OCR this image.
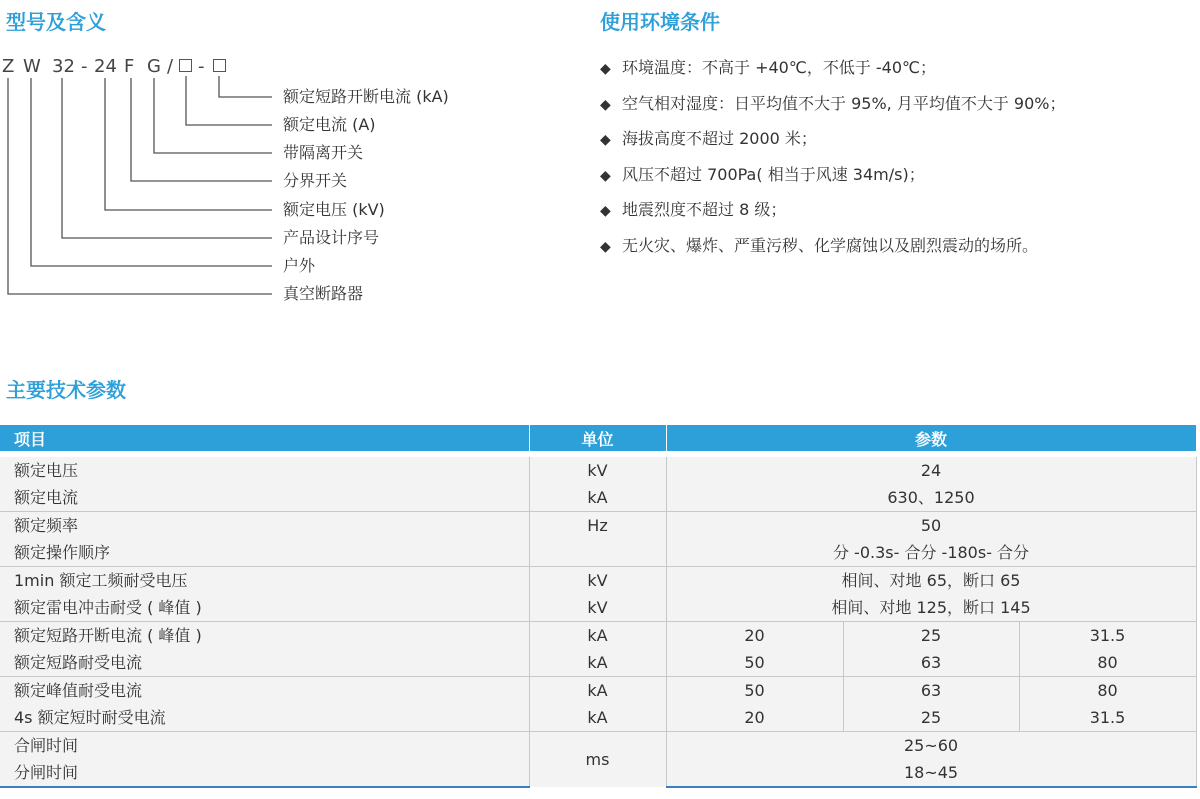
型号及含义
Z W 32 - 24 F G / -
额定短路开断电流 (kA)
额定电流 (A)
带隔离开关
分界开关
额定电压 (kV)
产品设计序号
户外
真空断路器
使用环境条件
◆ 环境温度：不高于 +40℃，不低于 -40℃；
◆ 空气相对湿度：日平均值不大于 95%, 月平均值不大于 90%；
◆ 海拔高度不超过 2000 米；
◆ 风压不超过 700Pa( 相当于风速 34m/s)；
◆ 地震烈度不超过 8 级；
◆ 无火灾、爆炸、严重污秽、化学腐蚀以及剧烈震动的场所。
主要技术参数
项目	单位	参数		

额定电压	kV	24		
额定电流	kA	630、1250		
额定频率	Hz	50		
额定操作顺序		分 -0.3s- 合分 -180s- 合分		
1min 额定工频耐受电压	kV	相间、对地 65，断口 65		
额定雷电冲击耐受 ( 峰值 )	kV	相间、对地 125，断口 145		
额定短路开断电流 ( 峰值 )	kA	20	25	31.5
额定短路耐受电流	kA	50	63	80
额定峰值耐受电流	kA	50	63	80
4s 额定短时耐受电流	kA	20	25	31.5
合闸时间	ms	25~60		
分闸时间		18~45		
